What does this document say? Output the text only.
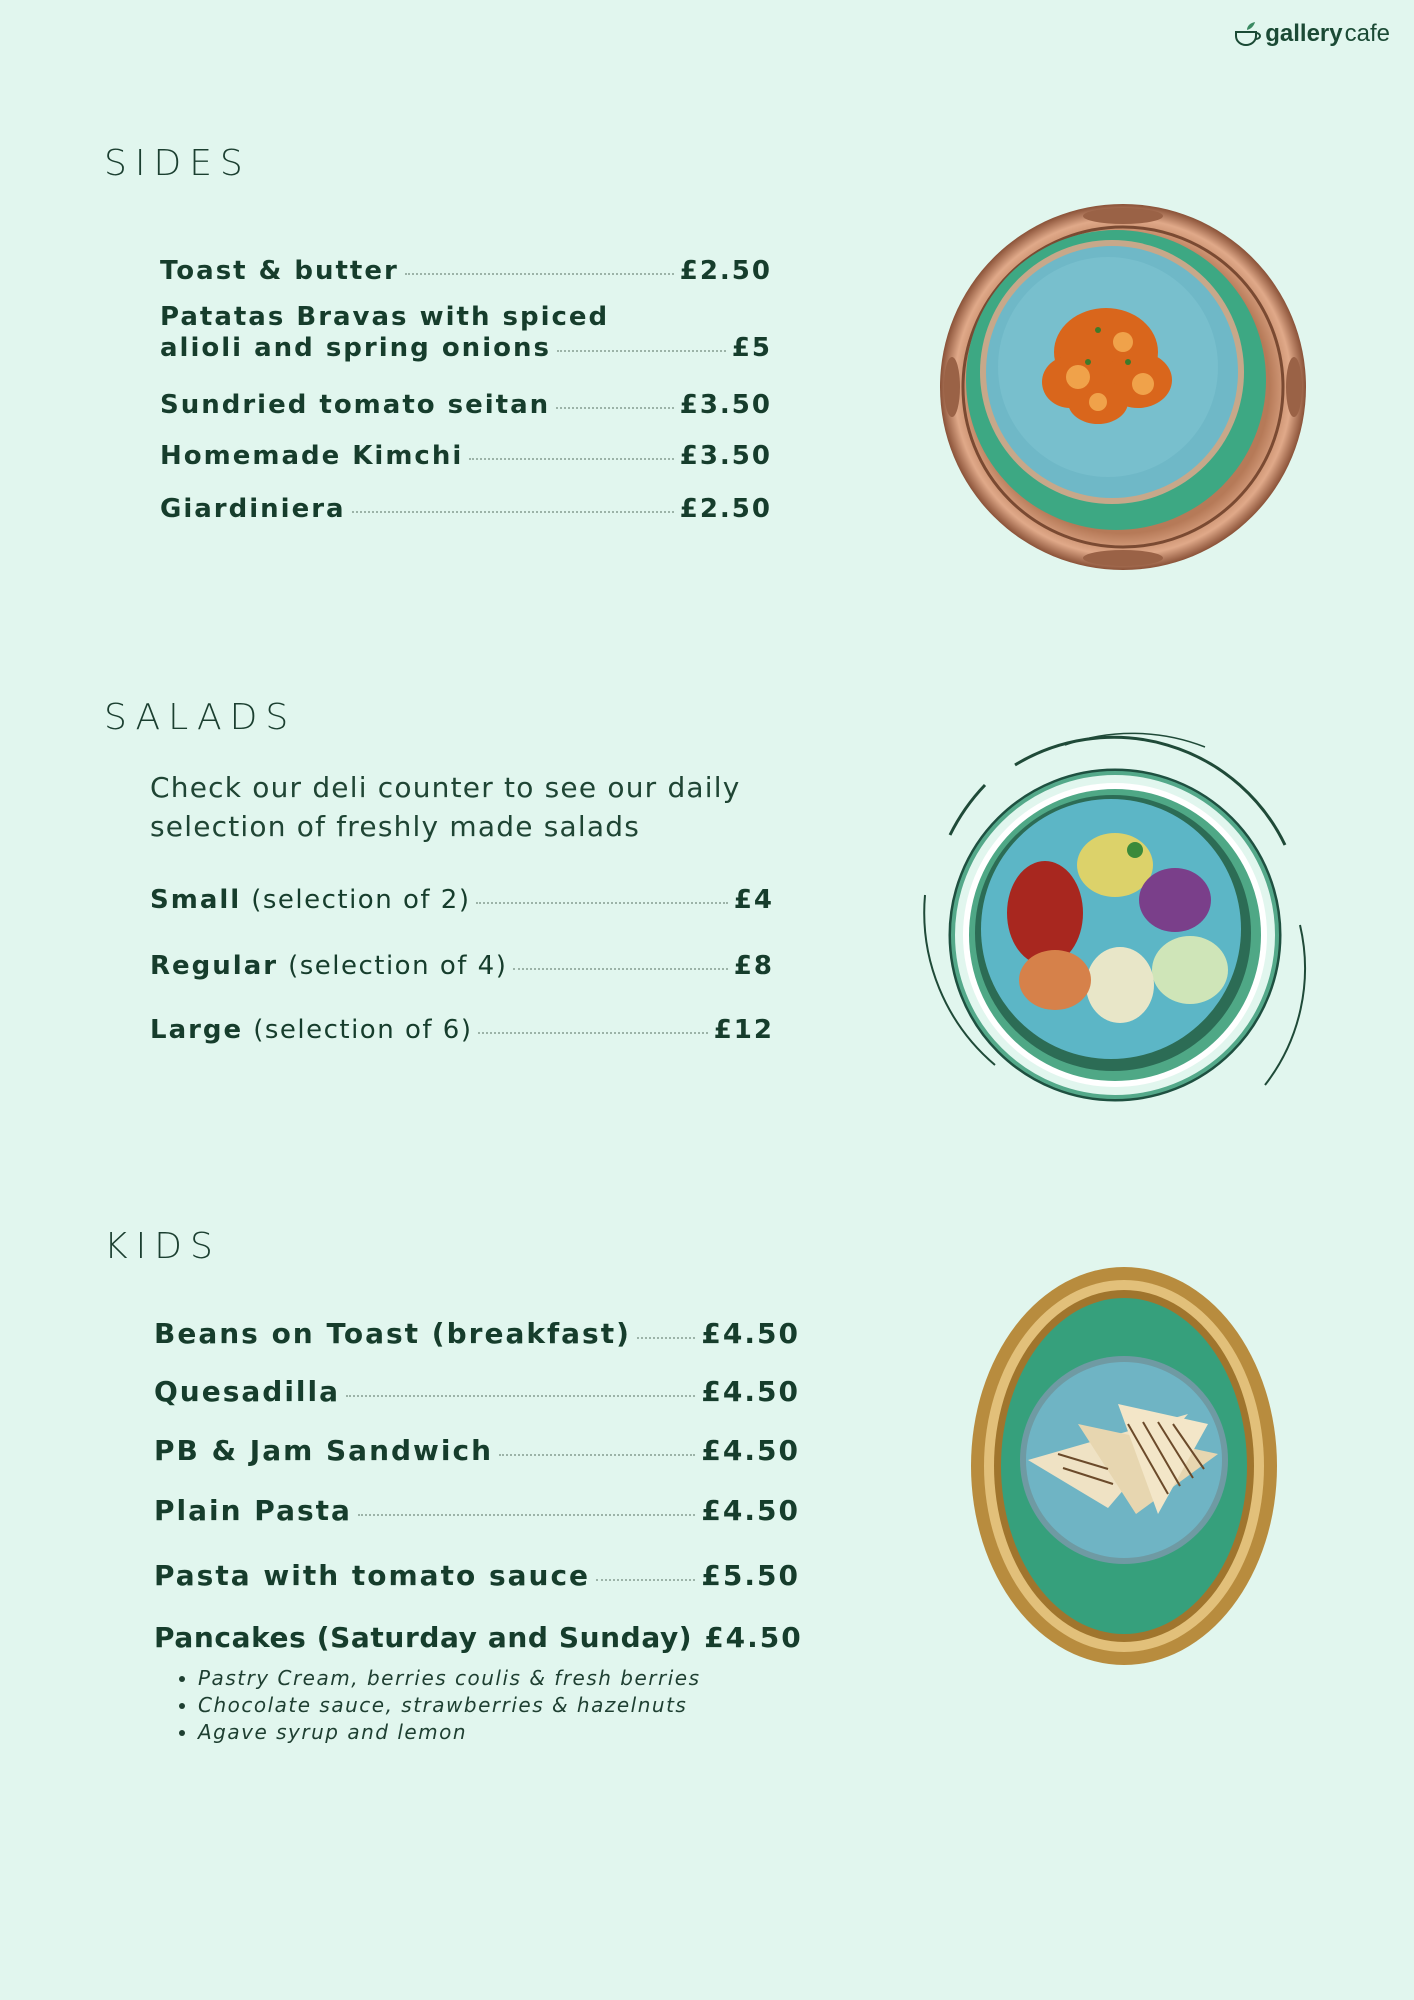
gallery cafe
SIDES
Toast & butter	£2.50
Patatas Bravas with spiced
alioli and spring onions	£5
Sundried tomato seitan	£3.50
Homemade Kimchi	£3.50
Giardiniera	£2.50
SALADS
Check our deli counter to see our daily selection of freshly made salads
Small (selection of 2)	£4
Regular (selection of 4)	£8
Large (selection of 6)	£12
KIDS
Beans on Toast (breakfast)	£4.50
Quesadilla	£4.50
PB & Jam Sandwich	£4.50
Plain Pasta	£4.50
Pasta with tomato sauce	£5.50
Pancakes (Saturday and Sunday) £4.50
• Pastry Cream, berries coulis & fresh berries
• Chocolate sauce, strawberries & hazelnuts
• Agave syrup and lemon
